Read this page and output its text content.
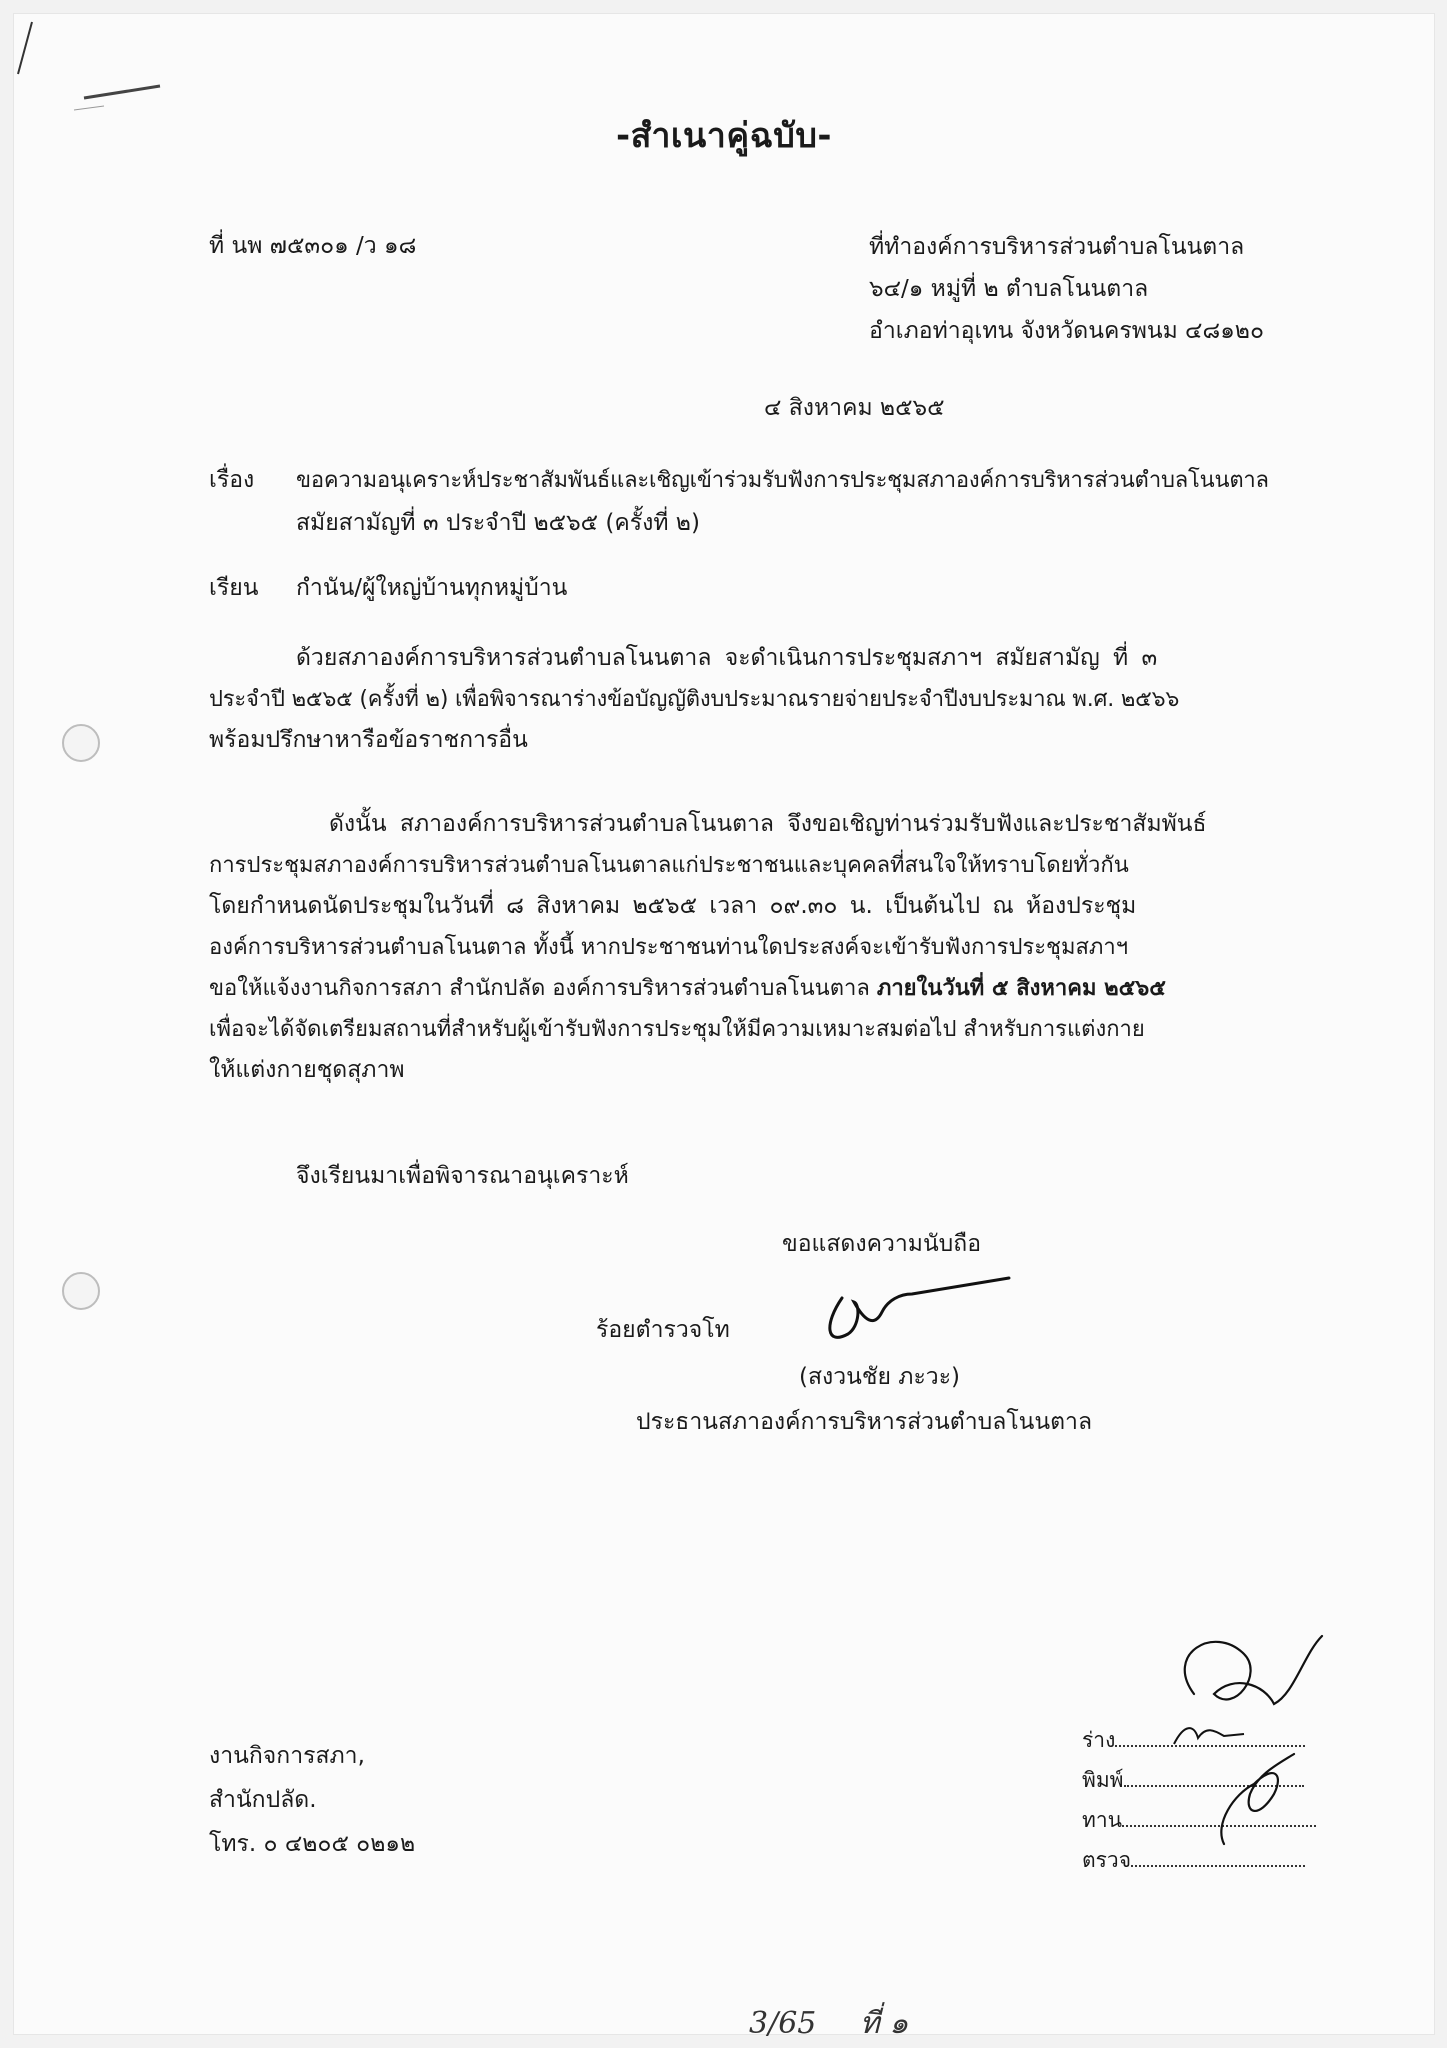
-สำเนาคู่ฉบับ-
ที่ นพ ๗๕๓๐๑ /ว ๑๘	ที่ทำองค์การบริหารส่วนตำบลโนนตาล
๖๔/๑ หมู่ที่ ๒ ตำบลโนนตาล
อำเภอท่าอุเทน จังหวัดนครพนม ๔๘๑๒๐
๔ สิงหาคม ๒๕๖๕
เรื่อง ขอความอนุเคราะห์ประชาสัมพันธ์และเชิญเข้าร่วมรับฟังการประชุมสภาองค์การบริหารส่วนตำบลโนนตาล
สมัยสามัญที่ ๓ ประจำปี ๒๕๖๕ (ครั้งที่ ๒)
เรียน กำนัน/ผู้ใหญ่บ้านทุกหมู่บ้าน
ด้วยสภาองค์การบริหารส่วนตำบลโนนตาล จะดำเนินการประชุมสภาฯ สมัยสามัญ ที่ ๓
ประจำปี ๒๕๖๕ (ครั้งที่ ๒) เพื่อพิจารณาร่างข้อบัญญัติงบประมาณรายจ่ายประจำปีงบประมาณ พ.ศ. ๒๕๖๖
พร้อมปรึกษาหารือข้อราชการอื่น
ดังนั้น สภาองค์การบริหารส่วนตำบลโนนตาล จึงขอเชิญท่านร่วมรับฟังและประชาสัมพันธ์
การประชุมสภาองค์การบริหารส่วนตำบลโนนตาลแก่ประชาชนและบุคคลที่สนใจให้ทราบโดยทั่วกัน
โดยกำหนดนัดประชุมในวันที่ ๘ สิงหาคม ๒๕๖๕ เวลา ๐๙.๓๐ น. เป็นต้นไป ณ ห้องประชุม
องค์การบริหารส่วนตำบลโนนตาล ทั้งนี้ หากประชาชนท่านใดประสงค์จะเข้ารับฟังการประชุมสภาฯ
ขอให้แจ้งงานกิจการสภา สำนักปลัด องค์การบริหารส่วนตำบลโนนตาล ภายในวันที่ ๕ สิงหาคม ๒๕๖๕
เพื่อจะได้จัดเตรียมสถานที่สำหรับผู้เข้ารับฟังการประชุมให้มีความเหมาะสมต่อไป สำหรับการแต่งกาย
ให้แต่งกายชุดสุภาพ
จึงเรียนมาเพื่อพิจารณาอนุเคราะห์
ขอแสดงความนับถือ
ร้อยตำรวจโท
(สงวนชัย ภะวะ)
ประธานสภาองค์การบริหารส่วนตำบลโนนตาล
งานกิจการสภา,
สำนักปลัด.
โทร. ๐ ๔๒๐๕ ๐๒๑๒
ร่าง
พิมพ์
ทาน
ตรวจ
3/65 ที่ ๑
